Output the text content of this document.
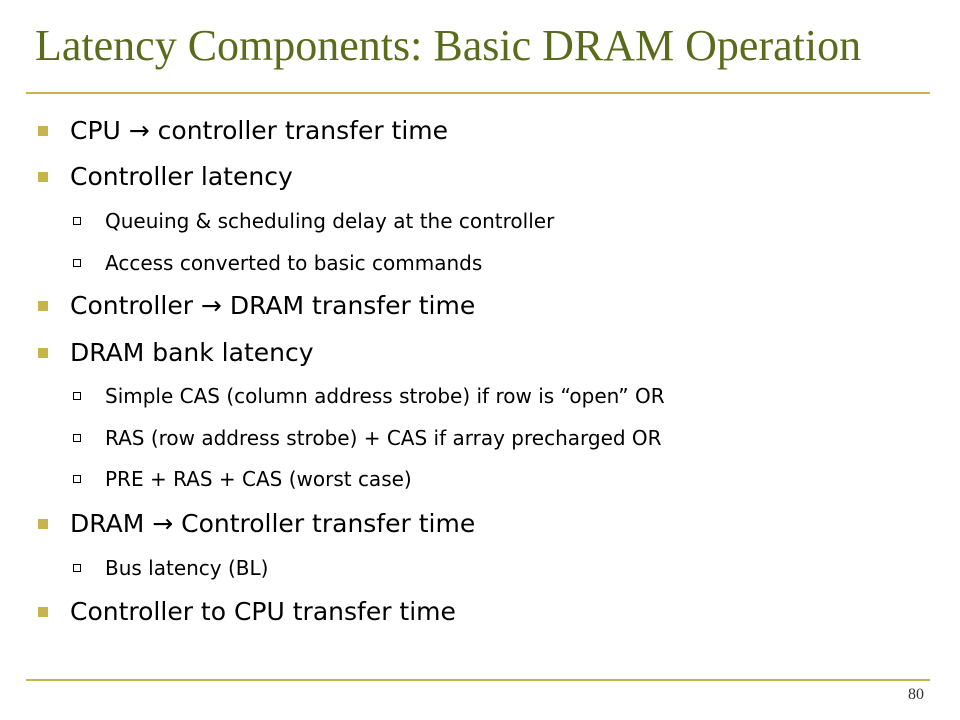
Latency Components: Basic DRAM Operation
CPU → controller transfer time
Controller latency
Queuing & scheduling delay at the controller
Access converted to basic commands
Controller → DRAM transfer time
DRAM bank latency
Simple CAS (column address strobe) if row is “open” OR
RAS (row address strobe) + CAS if array precharged OR
PRE + RAS + CAS (worst case)
DRAM → Controller transfer time
Bus latency (BL)
Controller to CPU transfer time
80
